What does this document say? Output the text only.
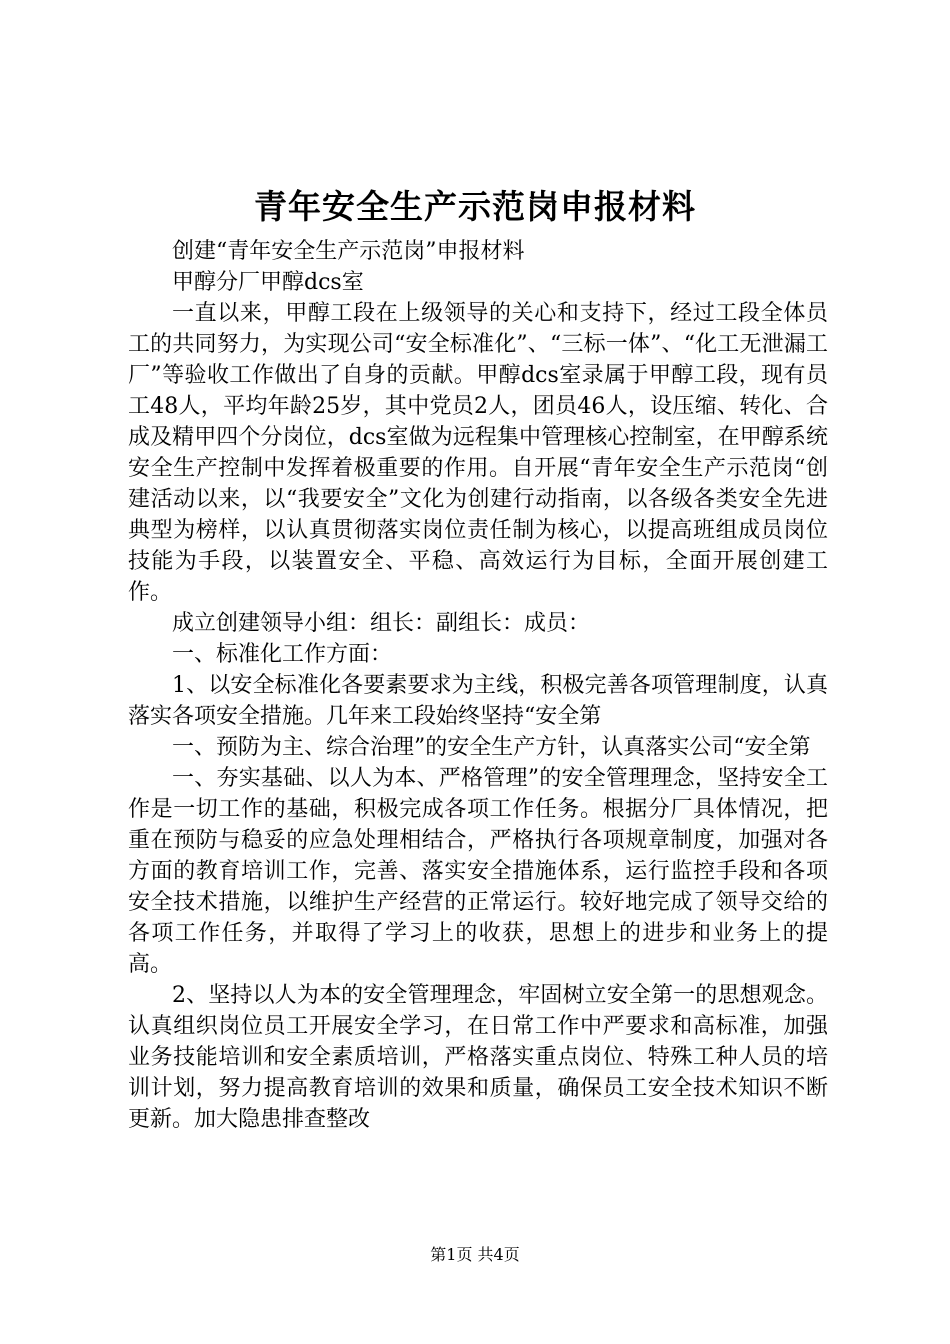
青年安全生产示范岗申报材料

创建“青年安全生产示范岗”申报材料

甲醇分厂甲醇dcs室

一直以来，甲醇工段在上级领导的关心和支持下，经过工段全体员工的共同努力，为实现公司“安全标准化”、“三标一体”、“化工无泄漏工厂”等验收工作做出了自身的贡献。甲醇dcs室录属于甲醇工段，现有员工48人，平均年龄25岁，其中党员2人，团员46人，设压缩、转化、合成及精甲四个分岗位，dcs室做为远程集中管理核心控制室，在甲醇系统安全生产控制中发挥着极重要的作用。自开展“青年安全生产示范岗“创建活动以来，以“我要安全”文化为创建行动指南，以各级各类安全先进典型为榜样，以认真贯彻落实岗位责任制为核心，以提高班组成员岗位技能为手段，以装置安全、平稳、高效运行为目标，全面开展创建工作。

成立创建领导小组：组长：副组长：成员：

一、标准化工作方面：

1、以安全标准化各要素要求为主线，积极完善各项管理制度，认真落实各项安全措施。几年来工段始终坚持“安全第

一、预防为主、综合治理”的安全生产方针，认真落实公司“安全第

一、夯实基础、以人为本、严格管理”的安全管理理念，坚持安全工作是一切工作的基础，积极完成各项工作任务。根据分厂具体情况，把重在预防与稳妥的应急处理相结合，严格执行各项规章制度，加强对各方面的教育培训工作，完善、落实安全措施体系，运行监控手段和各项安全技术措施，以维护生产经营的正常运行。较好地完成了领导交给的各项工作任务，并取得了学习上的收获，思想上的进步和业务上的提高。

2、坚持以人为本的安全管理理念，牢固树立安全第一的思想观念。认真组织岗位员工开展安全学习，在日常工作中严要求和高标准，加强业务技能培训和安全素质培训，严格落实重点岗位、特殊工种人员的培训计划，努力提高教育培训的效果和质量，确保员工安全技术知识不断更新。加大隐患排查整改

第1页 共4页
